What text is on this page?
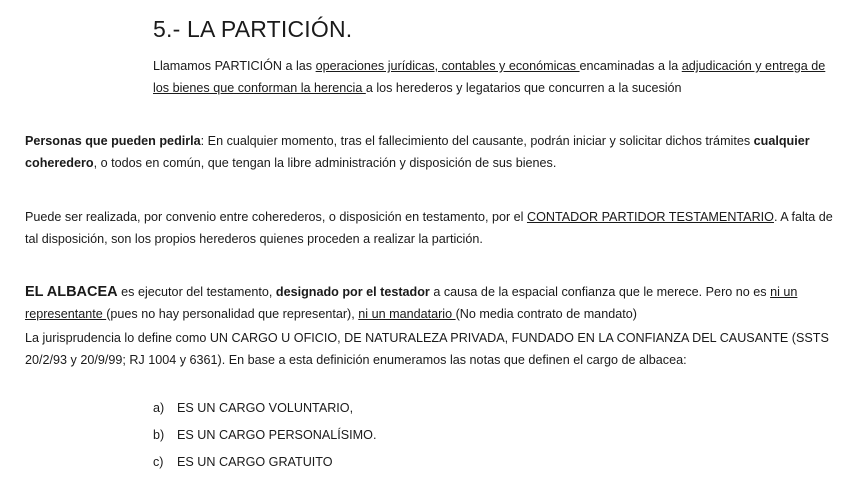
5.- LA PARTICIÓN.

Llamamos PARTICIÓN a las operaciones jurídicas, contables y económicas encaminadas a la adjudicación y entrega de los bienes que conforman la herencia a los herederos y legatarios que concurren a la sucesión

Personas que pueden pedirla: En cualquier momento, tras el fallecimiento del causante, podrán iniciar y solicitar dichos trámites cualquier coheredero, o todos en común, que tengan la libre administración y disposición de sus bienes.

Puede ser realizada, por convenio entre coherederos, o disposición en testamento, por el CONTADOR PARTIDOR TESTAMENTARIO. A falta de tal disposición, son los propios herederos quienes proceden a realizar la partición.

EL ALBACEA es ejecutor del testamento, designado por el testador a causa de la espacial confianza que le merece. Pero no es ni un representante (pues no hay personalidad que representar), ni un mandatario (No media contrato de mandato)

La jurisprudencia lo define como UN CARGO U OFICIO, DE NATURALEZA PRIVADA, FUNDADO EN LA CONFIANZA DEL CAUSANTE (SSTS 20/2/93 y 20/9/99; RJ 1004 y 6361). En base a esta definición enumeramos las notas que definen el cargo de albacea:

a) ES UN CARGO VOLUNTARIO,
b) ES UN CARGO PERSONALÍSIMO.
c) ES UN CARGO GRATUITO
